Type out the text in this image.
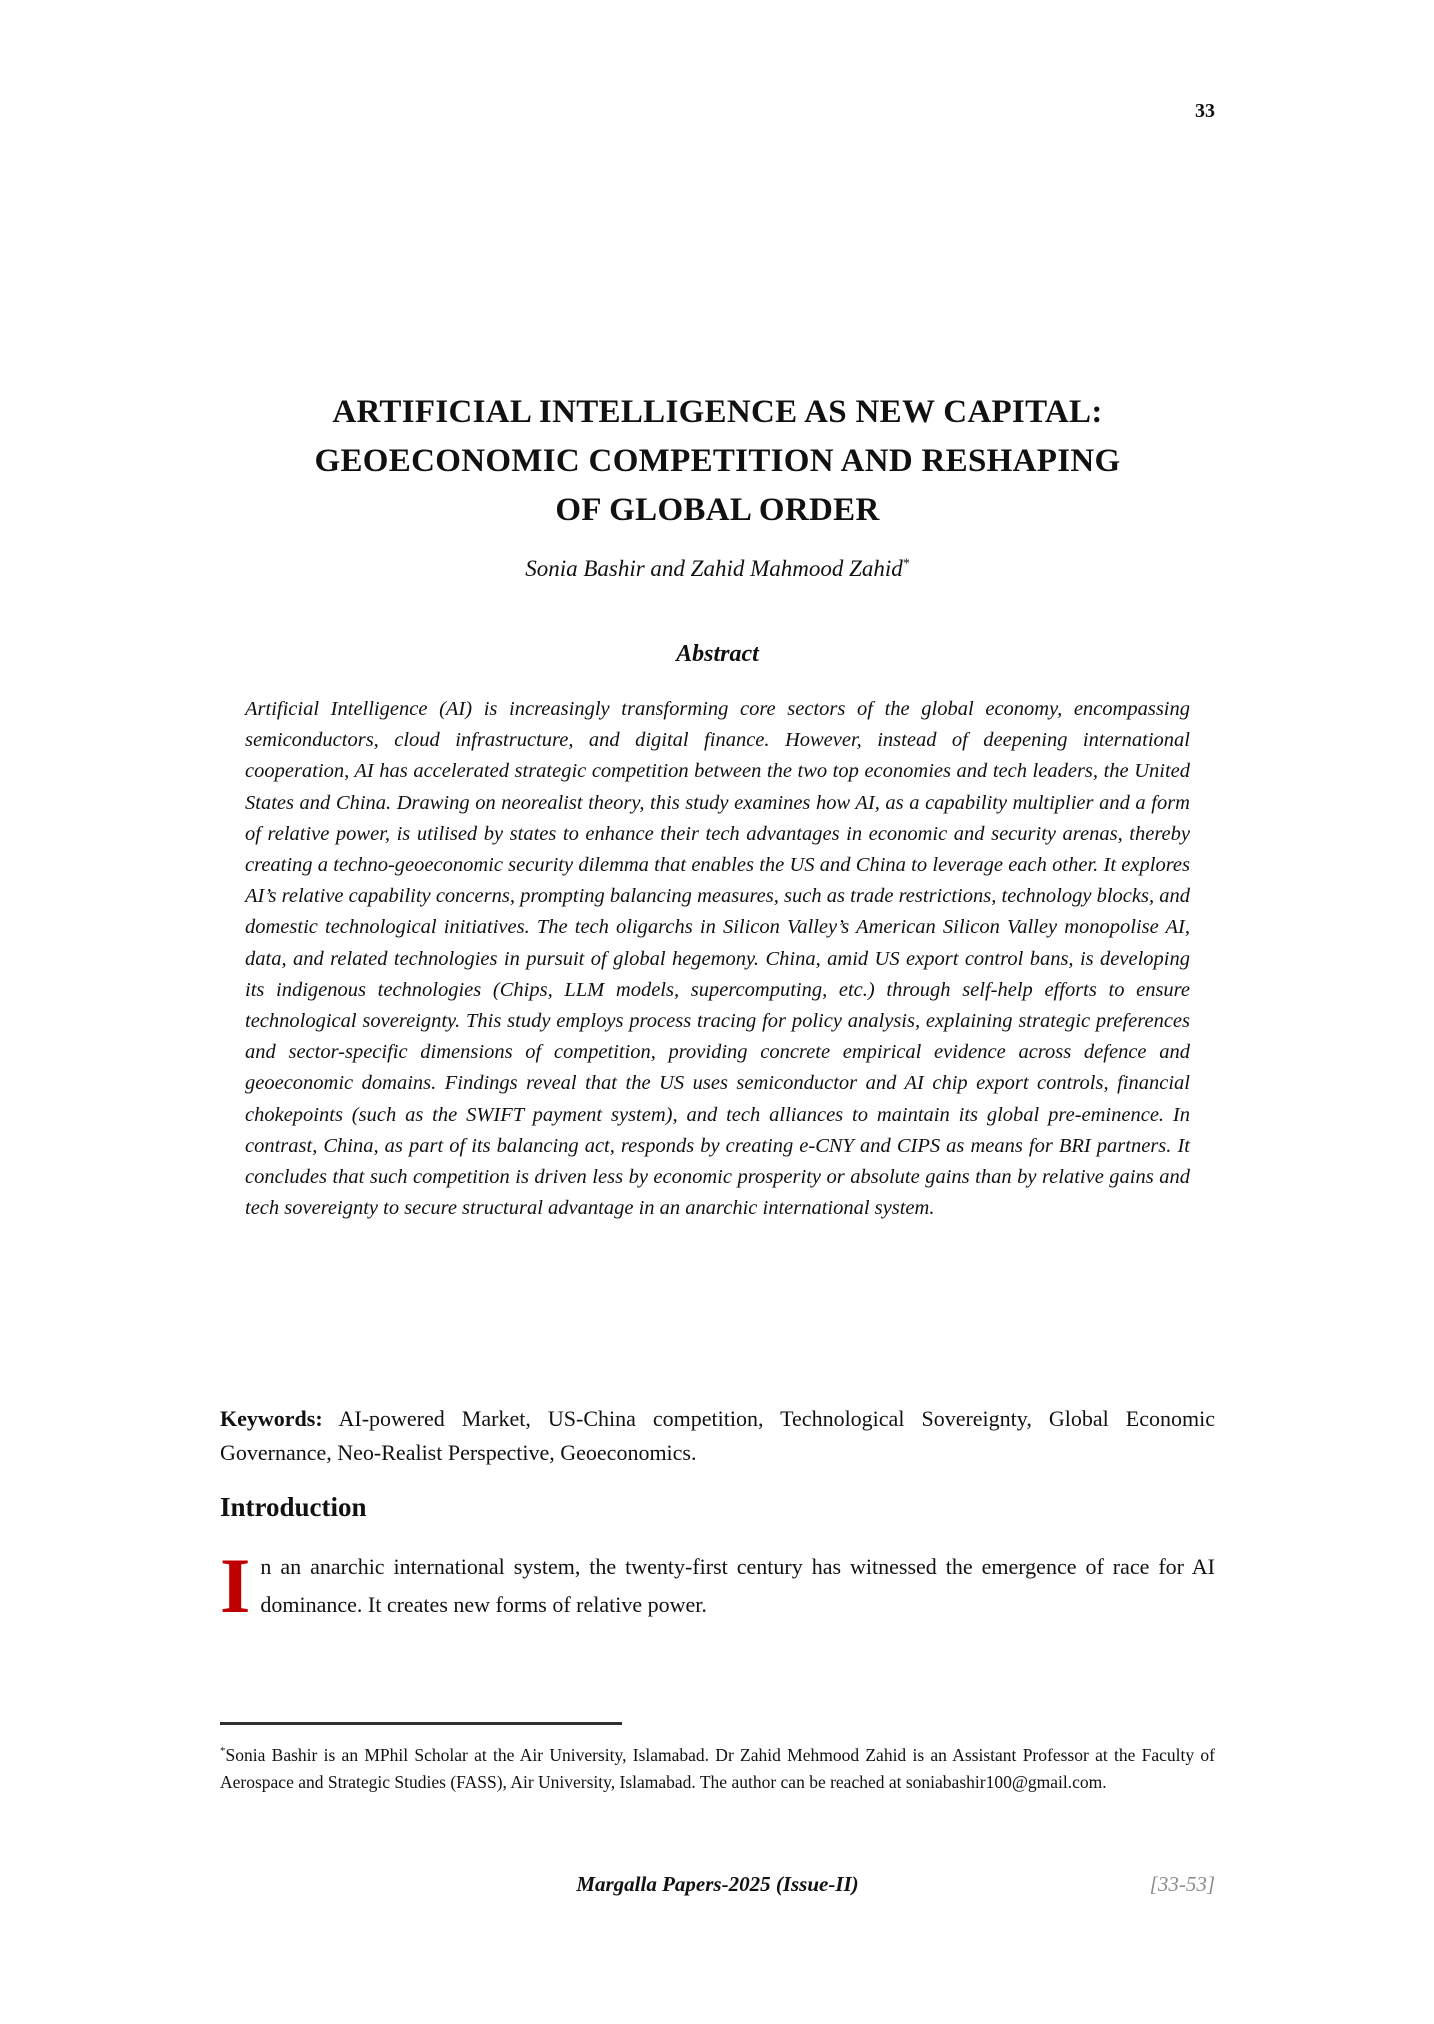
33
ARTIFICIAL INTELLIGENCE AS NEW CAPITAL:
GEOECONOMIC COMPETITION AND RESHAPING
OF GLOBAL ORDER
Sonia Bashir and Zahid Mahmood Zahid*
Abstract
Artificial Intelligence (AI) is increasingly transforming core sectors of the global economy, encompassing semiconductors, cloud infrastructure, and digital finance. However, instead of deepening international cooperation, AI has accelerated strategic competition between the two top economies and tech leaders, the United States and China. Drawing on neorealist theory, this study examines how AI, as a capability multiplier and a form of relative power, is utilised by states to enhance their tech advantages in economic and security arenas, thereby creating a techno-geoeconomic security dilemma that enables the US and China to leverage each other. It explores AI’s relative capability concerns, prompting balancing measures, such as trade restrictions, technology blocks, and domestic technological initiatives. The tech oligarchs in Silicon Valley’s American Silicon Valley monopolise AI, data, and related technologies in pursuit of global hegemony. China, amid US export control bans, is developing its indigenous technologies (Chips, LLM models, supercomputing, etc.) through self-help efforts to ensure technological sovereignty. This study employs process tracing for policy analysis, explaining strategic preferences and sector-specific dimensions of competition, providing concrete empirical evidence across defence and geoeconomic domains. Findings reveal that the US uses semiconductor and AI chip export controls, financial chokepoints (such as the SWIFT payment system), and tech alliances to maintain its global pre-eminence. In contrast, China, as part of its balancing act, responds by creating e-CNY and CIPS as means for BRI partners. It concludes that such competition is driven less by economic prosperity or absolute gains than by relative gains and tech sovereignty to secure structural advantage in an anarchic international system.
Keywords: AI-powered Market, US-China competition, Technological Sovereignty, Global Economic Governance, Neo-Realist Perspective, Geoeconomics.
Introduction
In an anarchic international system, the twenty-first century has witnessed the emergence of race for AI dominance. It creates new forms of relative power.
*Sonia Bashir is an MPhil Scholar at the Air University, Islamabad. Dr Zahid Mehmood Zahid is an Assistant Professor at the Faculty of Aerospace and Strategic Studies (FASS), Air University, Islamabad. The author can be reached at soniabashir100@gmail.com.
Margalla Papers-2025 (Issue-II)	[33-53]
